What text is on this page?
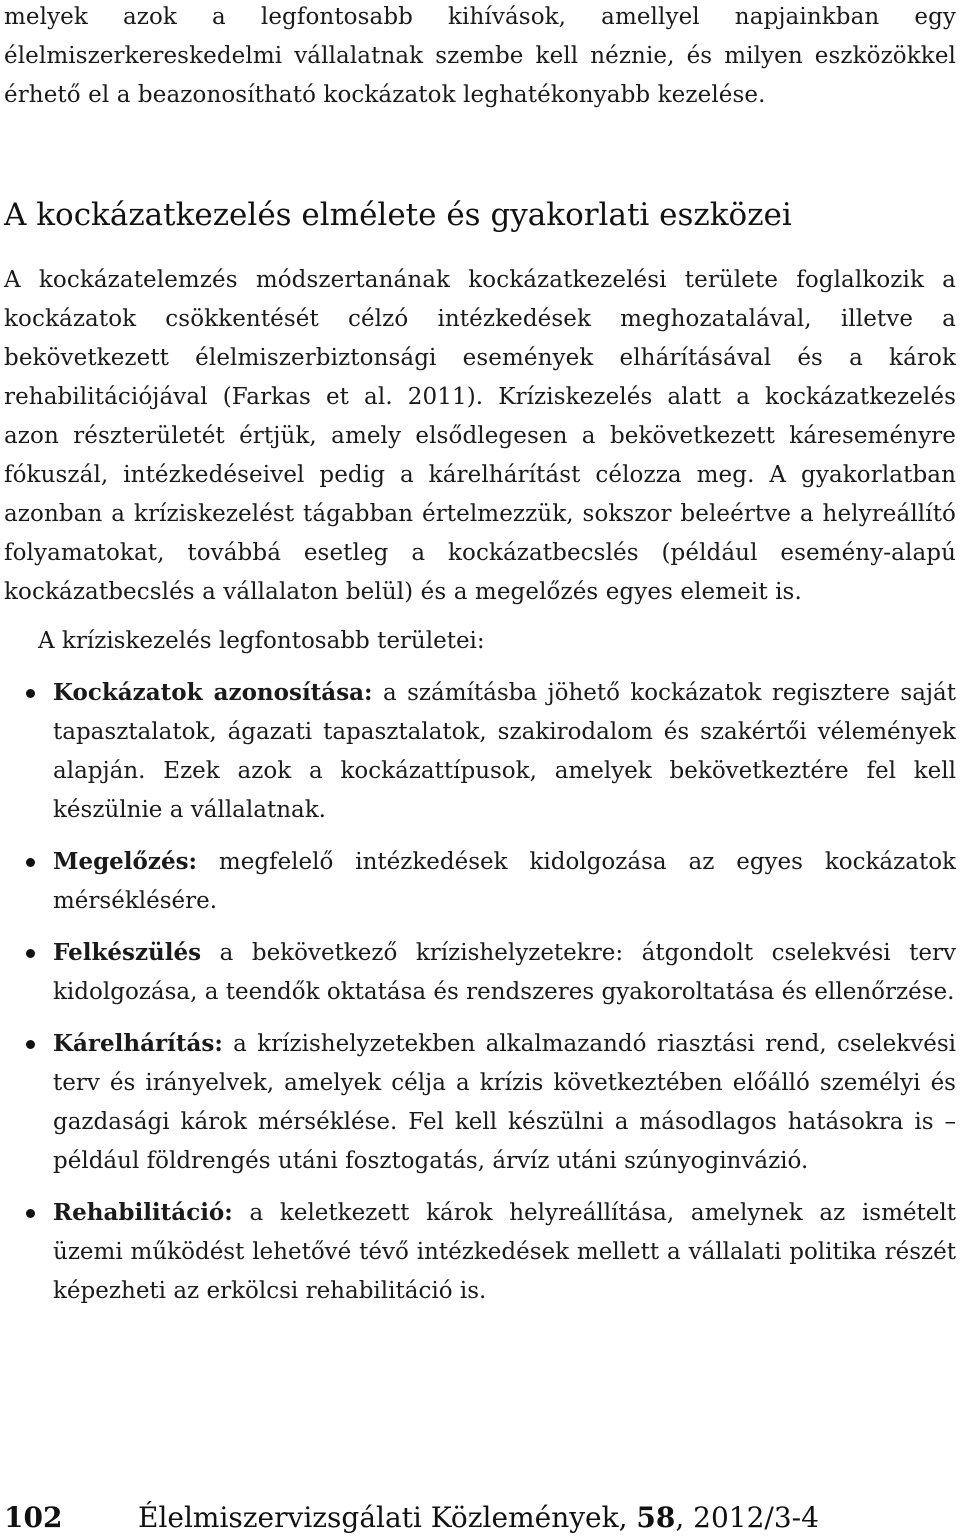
melyek azok a legfontosabb kihívások, amellyel napjainkban egy élelmiszerkereskedelmi vállalatnak szembe kell néznie, és milyen eszközökkel érhető el a beazonosítható kockázatok leghatékonyabb kezelése.

A kockázatkezelés elmélete és gyakorlati eszközei

A kockázatelemzés módszertanának kockázatkezelési területe foglalkozik a kockázatok csökkentését célzó intézkedések meghozatalával, illetve a bekövetkezett élelmiszerbiztonsági események elhárításával és a károk rehabilitációjával (Farkas et al. 2011). Kríziskezelés alatt a kockázatkezelés azon részterületét értjük, amely elsődlegesen a bekövetkezett káreseményre fókuszál, intézkedéseivel pedig a kárelhárítást célozza meg. A gyakorlatban azonban a kríziskezelést tágabban értelmezzük, sokszor beleértve a helyreállító folyamatokat, továbbá esetleg a kockázatbecslés (például esemény-alapú kockázatbecslés a vállalaton belül) és a megelőzés egyes elemeit is.

A kríziskezelés legfontosabb területei:

Kockázatok azonosítása: a számításba jöhető kockázatok regisztere saját tapasztalatok, ágazati tapasztalatok, szakirodalom és szakértői vélemények alapján. Ezek azok a kockázattípusok, amelyek bekövetkeztére fel kell készülnie a vállalatnak.
Megelőzés: megfelelő intézkedések kidolgozása az egyes kockázatok mérséklésére.
Felkészülés a bekövetkező krízishelyzetekre: átgondolt cselekvési terv kidolgozása, a teendők oktatása és rendszeres gyakoroltatása és ellenőrzése.
Kárelhárítás: a krízishelyzetekben alkalmazandó riasztási rend, cselekvési terv és irányelvek, amelyek célja a krízis következtében előálló személyi és gazdasági károk mérséklése. Fel kell készülni a másodlagos hatásokra is – például földrengés utáni fosztogatás, árvíz utáni szúnyoginvázió.
Rehabilitáció: a keletkezett károk helyreállítása, amelynek az ismételt üzemi működést lehetővé tévő intézkedések mellett a vállalati politika részét képezheti az erkölcsi rehabilitáció is.
102	Élelmiszervizsgálati Közlemények, 58, 2012/3-4
